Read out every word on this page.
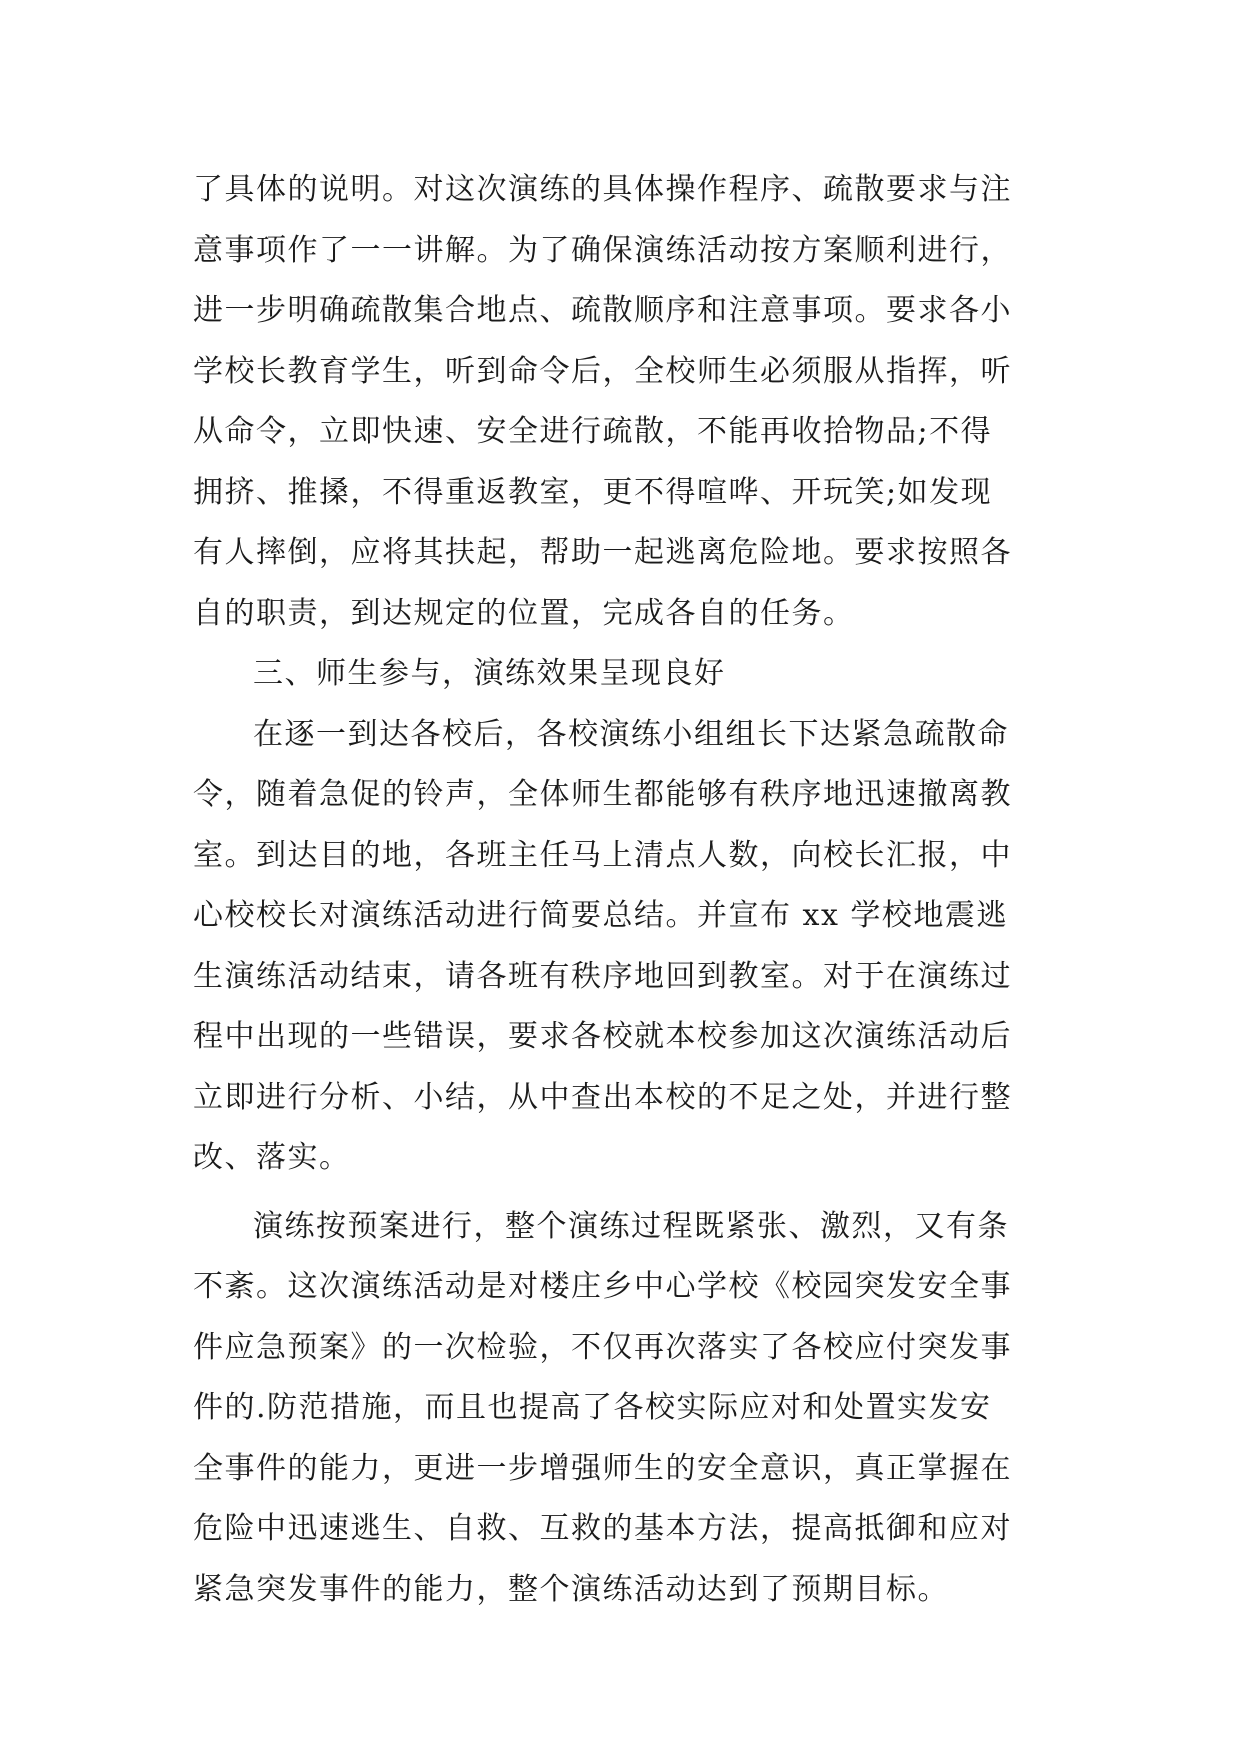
了具体的说明。对这次演练的具体操作程序、疏散要求与注
意事项作了一一讲解。为了确保演练活动按方案顺利进行，
进一步明确疏散集合地点、疏散顺序和注意事项。要求各小
学校长教育学生，听到命令后，全校师生必须服从指挥，听
从命令，立即快速、安全进行疏散，不能再收拾物品;不得
拥挤、推搡，不得重返教室，更不得喧哗、开玩笑;如发现
有人摔倒，应将其扶起，帮助一起逃离危险地。要求按照各
自的职责，到达规定的位置，完成各自的任务。
三、师生参与，演练效果呈现良好
在逐一到达各校后，各校演练小组组长下达紧急疏散命
令，随着急促的铃声，全体师生都能够有秩序地迅速撤离教
室。到达目的地，各班主任马上清点人数，向校长汇报，中
心校校长对演练活动进行简要总结。并宣布 xx 学校地震逃
生演练活动结束，请各班有秩序地回到教室。对于在演练过
程中出现的一些错误，要求各校就本校参加这次演练活动后
立即进行分析、小结，从中查出本校的不足之处，并进行整
改、落实。
演练按预案进行，整个演练过程既紧张、激烈，又有条
不紊。这次演练活动是对楼庄乡中心学校《校园突发安全事
件应急预案》的一次检验，不仅再次落实了各校应付突发事
件的.防范措施，而且也提高了各校实际应对和处置实发安
全事件的能力，更进一步增强师生的安全意识，真正掌握在
危险中迅速逃生、自救、互救的基本方法，提高抵御和应对
紧急突发事件的能力，整个演练活动达到了预期目标。
